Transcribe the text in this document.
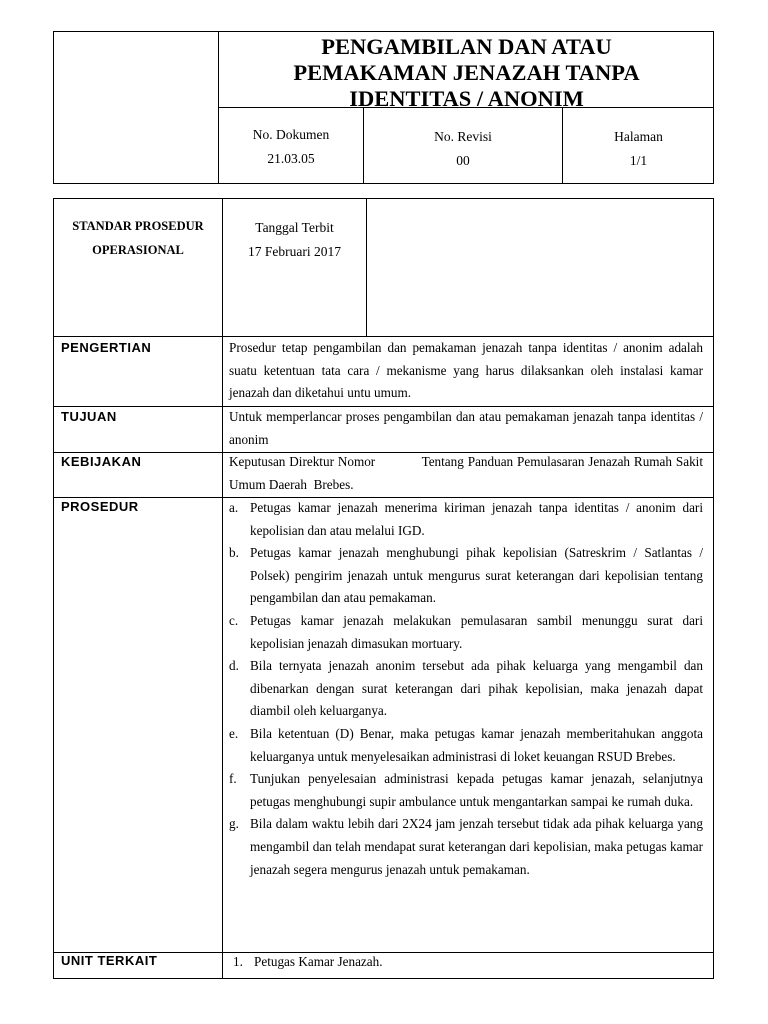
PENGAMBILAN DAN ATAU
PEMAKAMAN JENAZAH TANPA
IDENTITAS / ANONIM
No. Dokumen
21.03.05
No. Revisi
00
Halaman
1/1
STANDAR PROSEDUR
OPERASIONAL
Tanggal Terbit
17 Februari 2017
PENGERTIAN
TUJUAN
KEBIJAKAN
PROSEDUR
UNIT TERKAIT
Prosedur tetap pengambilan dan pemakaman jenazah tanpa identitas / anonim adalah suatu ketentuan tata cara / mekanisme yang harus dilaksankan oleh instalasi kamar jenazah dan diketahui untu umum.
Untuk memperlancar proses pengambilan dan atau pemakaman jenazah tanpa identitas / anonim
Keputusan Direktur Nomor            Tentang Panduan Pemulasaran Jenazah Rumah Sakit Umum Daerah  Brebes.
a. Petugas kamar jenazah menerima kiriman jenazah tanpa identitas / anonim dari kepolisian dan atau melalui IGD.
b. Petugas kamar jenazah menghubungi pihak kepolisian (Satreskrim / Satlantas / Polsek) pengirim jenazah untuk mengurus surat keterangan dari kepolisian tentang pengambilan dan atau pemakaman.
c. Petugas kamar jenazah melakukan pemulasaran sambil menunggu surat dari kepolisian jenazah dimasukan mortuary.
d. Bila ternyata jenazah anonim tersebut ada pihak keluarga yang mengambil dan dibenarkan dengan surat keterangan dari pihak kepolisian, maka jenazah dapat diambil oleh keluarganya.
e. Bila ketentuan (D) Benar, maka petugas kamar jenazah memberitahukan anggota keluarganya untuk menyelesaikan administrasi di loket keuangan RSUD Brebes.
f.	Tunjukan penyelesaian administrasi kepada petugas kamar jenazah, selanjutnya petugas menghubungi supir ambulance untuk mengantarkan sampai ke rumah duka.
g. Bila dalam waktu lebih dari 2X24 jam jenzah tersebut tidak ada pihak keluarga yang mengambil dan telah mendapat surat keterangan dari kepolisian, maka petugas kamar jenazah segera mengurus jenazah untuk pemakaman.
1. Petugas Kamar Jenazah.
